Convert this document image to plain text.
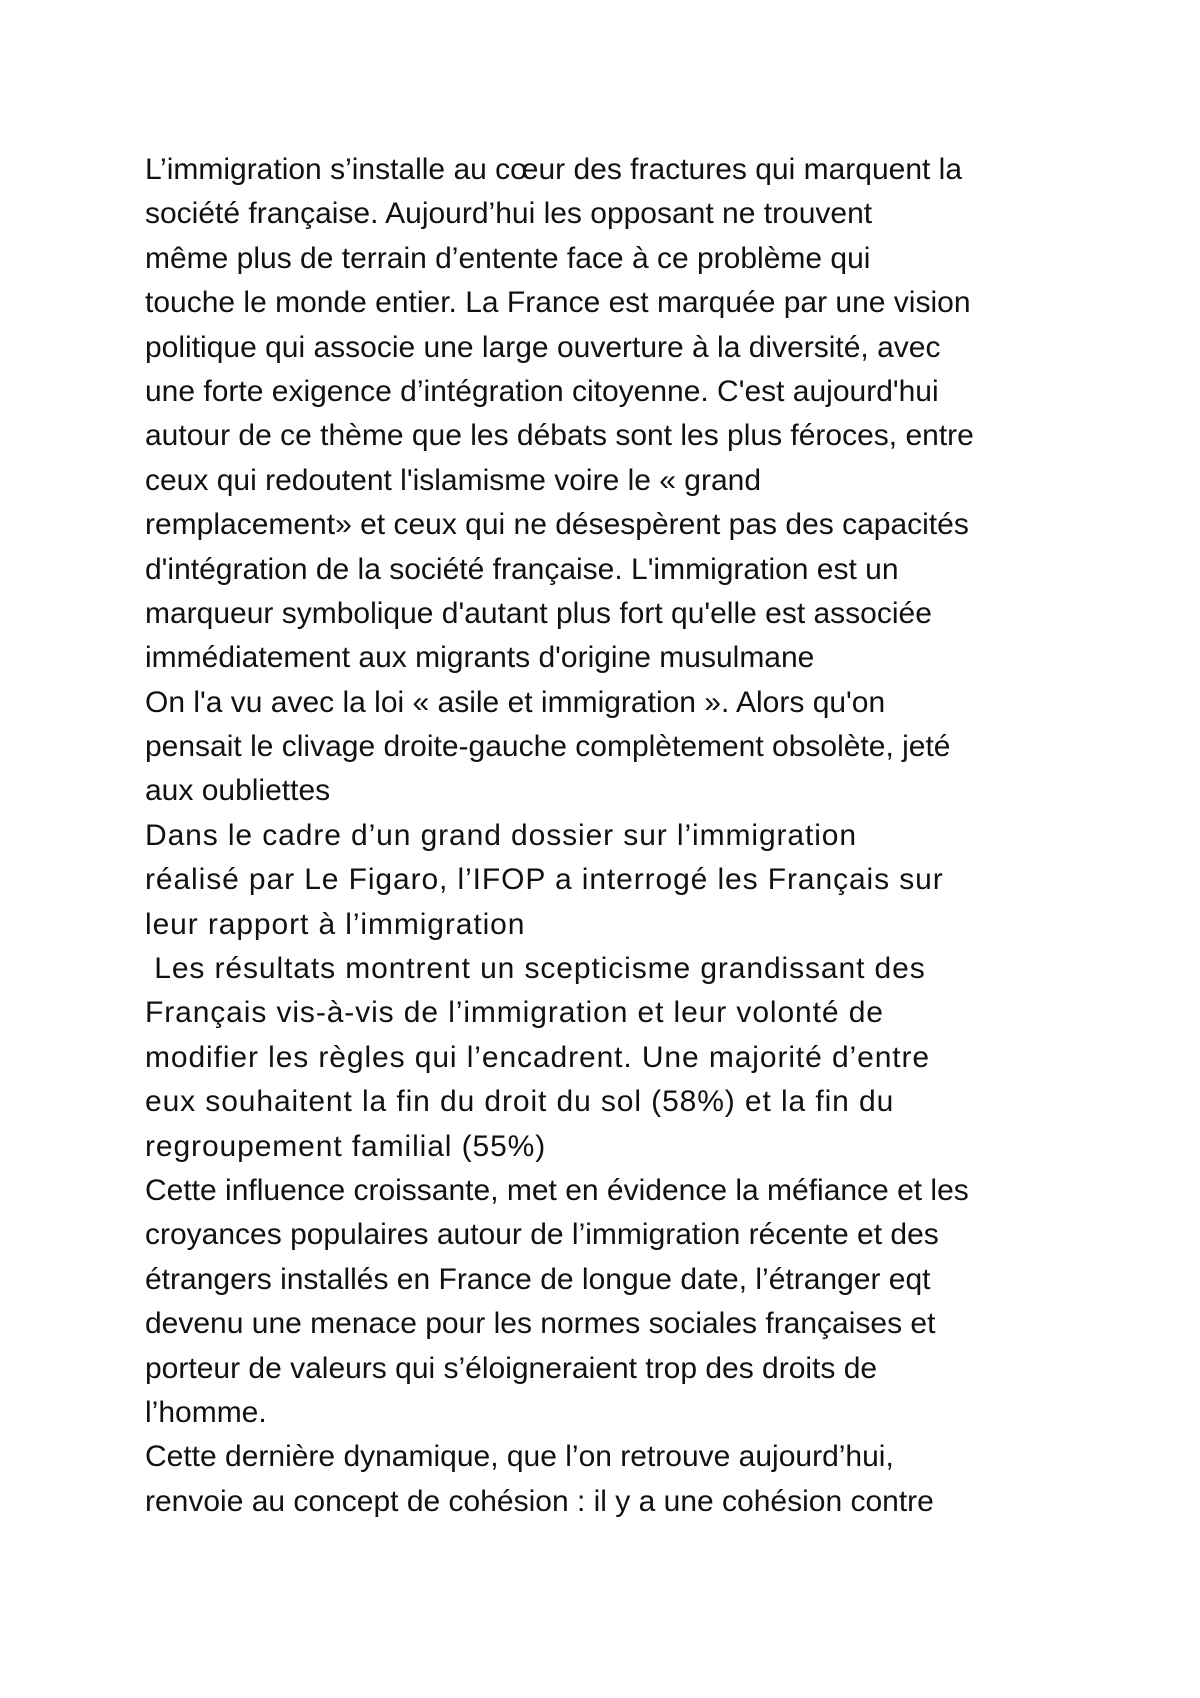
L’immigration s’installe au cœur des fractures qui marquent la
société française. Aujourd’hui les opposant ne trouvent
même plus de terrain d’entente face à ce problème qui
touche le monde entier. La France est marquée par une vision
politique qui associe une large ouverture à la diversité, avec
une forte exigence d’intégration citoyenne. C'est aujourd'hui
autour de ce thème que les débats sont les plus féroces, entre
ceux qui redoutent l'islamisme voire le « grand
remplacement» et ceux qui ne désespèrent pas des capacités
d'intégration de la société française. L'immigration est un
marqueur symbolique d'autant plus fort qu'elle est associée
immédiatement aux migrants d'origine musulmane
On l'a vu avec la loi « asile et immigration ». Alors qu'on
pensait le clivage droite-gauche complètement obsolète, jeté
aux oubliettes
Dans le cadre d’un grand dossier sur l’immigration
réalisé par Le Figaro, l’IFOP a interrogé les Français sur
leur rapport à l’immigration
Les résultats montrent un scepticisme grandissant des
Français vis-à-vis de l’immigration et leur volonté de
modifier les règles qui l’encadrent. Une majorité d’entre
eux souhaitent la fin du droit du sol (58%) et la fin du
regroupement familial (55%)
Cette influence croissante, met en évidence la méfiance et les
croyances populaires autour de l’immigration récente et des
étrangers installés en France de longue date, l’étranger eqt
devenu une menace pour les normes sociales françaises et
porteur de valeurs qui s’éloigneraient trop des droits de
l’homme.
Cette dernière dynamique, que l’on retrouve aujourd’hui,
renvoie au concept de cohésion : il y a une cohésion contre
